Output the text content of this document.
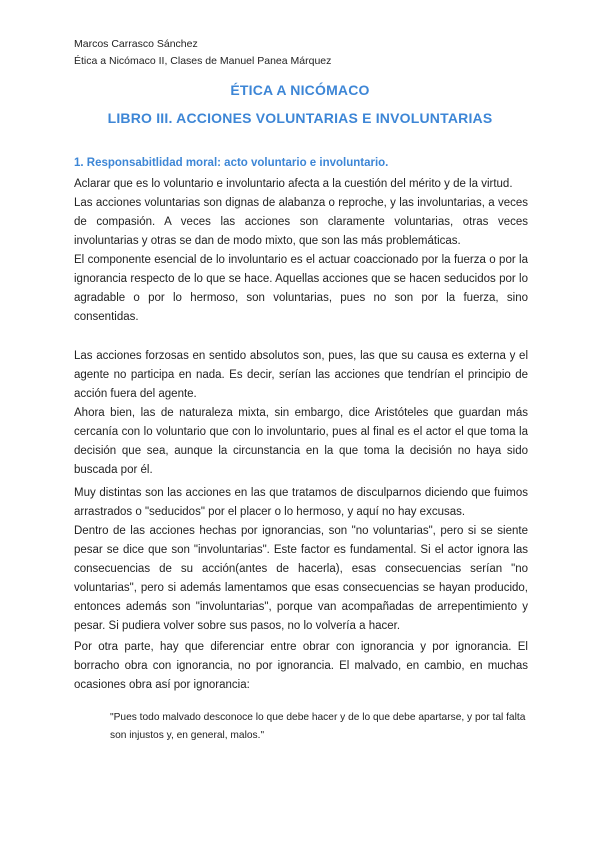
Marcos Carrasco Sánchez
Ética a Nicómaco II, Clases de Manuel Panea Márquez
ÉTICA A NICÓMACO
LIBRO III. ACCIONES VOLUNTARIAS E INVOLUNTARIAS
1. Responsabitlidad moral: acto voluntario e involuntario.

Aclarar que es lo voluntario e involuntario afecta a la cuestión del mérito y de la virtud.

Las acciones voluntarias son dignas de alabanza o reproche, y las involuntarias, a veces de compasión. A veces las acciones son claramente voluntarias, otras veces involuntarias y otras se dan de modo mixto, que son las más problemáticas.

El componente esencial de lo involuntario es el actuar coaccionado por la fuerza o por la ignorancia respecto de lo que se hace. Aquellas acciones que se hacen seducidos por lo agradable o por lo hermoso, son voluntarias, pues no son por la fuerza, sino consentidas.

Las acciones forzosas en sentido absolutos son, pues, las que su causa es externa y el agente no participa en nada. Es decir, serían las acciones que tendrían el principio de acción fuera del agente.

Ahora bien, las de naturaleza mixta, sin embargo, dice Aristóteles que guardan más cercanía con lo voluntario que con lo involuntario, pues al final es el actor el que toma la decisión que sea, aunque la circunstancia en la que toma la decisión no haya sido buscada por él.

Muy distintas son las acciones en las que tratamos de disculparnos diciendo que fuimos arrastrados o "seducidos" por el placer o lo hermoso, y aquí no hay excusas.

Dentro de las acciones hechas por ignorancias, son "no voluntarias", pero si se siente pesar se dice que son "involuntarias". Este factor es fundamental. Si el actor ignora las consecuencias de su acción(antes de hacerla), esas consecuencias serían "no voluntarias", pero si además lamentamos que esas consecuencias se hayan producido, entonces además son "involuntarias", porque van acompañadas de arrepentimiento y pesar. Si pudiera volver sobre sus pasos, no lo volvería a hacer.

Por otra parte, hay que diferenciar entre obrar con ignorancia y por ignorancia. El borracho obra con ignorancia, no por ignorancia. El malvado, en cambio, en muchas ocasiones obra así por ignorancia:

"Pues todo malvado desconoce lo que debe hacer y de lo que debe apartarse, y por tal falta son injustos y, en general, malos."
